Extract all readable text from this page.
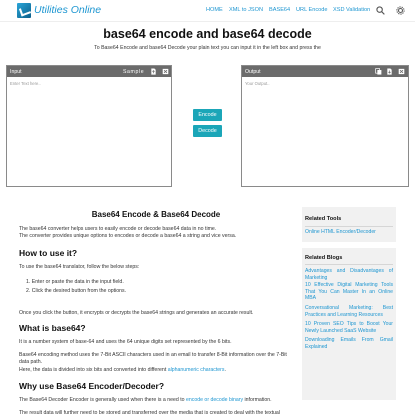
Utilities Online	HOME XML to JSON BASE64 URL Encode XSD Validation
base64 encode and base64 decode
To Base64 Encode and base64 Decode your plain text you can input it in the left box and press the
Input	Sample
Enter Text here..
Encode
Decode
Output
Your Output..
Base64 Encode & Base64 Decode
The base64 converter helps users to easily encode or decode base64 data in no time.
The converter provides unique options to encodes or decode a base64 a string and vice versa.
How to use it?
To use the base64 translator, follow the below steps:
1. Enter or paste the data in the input field.
2. Click the desired button from the options.
Once you click the button, it encrypts or decrypts the base64 strings and generates an accurate result.
What is base64?
It is a number system of base-64 and uses the 64 unique digits set represented by the 6 bits.
Base64 encoding method uses the 7-Bit ASCII characters used in an email to transfer 8-Bit information over the 7-Bit data path.
Here, the data is divided into six bits and converted into different alphanumeric characters.
Why use Base64 Encoder/Decoder?
The Base64 Decoder Encoder is generally used when there is a need to encode or decode binary information.
The result data will further need to be stored and transferred over the media that is created to deal with the textual
Related Tools
Online HTML Encoder/Decoder
Related Blogs
Advantages and Disadvantages of Marketing
10 Effective Digital Marketing Tools That You Can Master In an Online MBA
Conversational Marketing: Best Practices and Learning Resources
10 Proven SEO Tips to Boost Your Newly Launched SaaS Website
Downloading Emails From Gmail Explained
